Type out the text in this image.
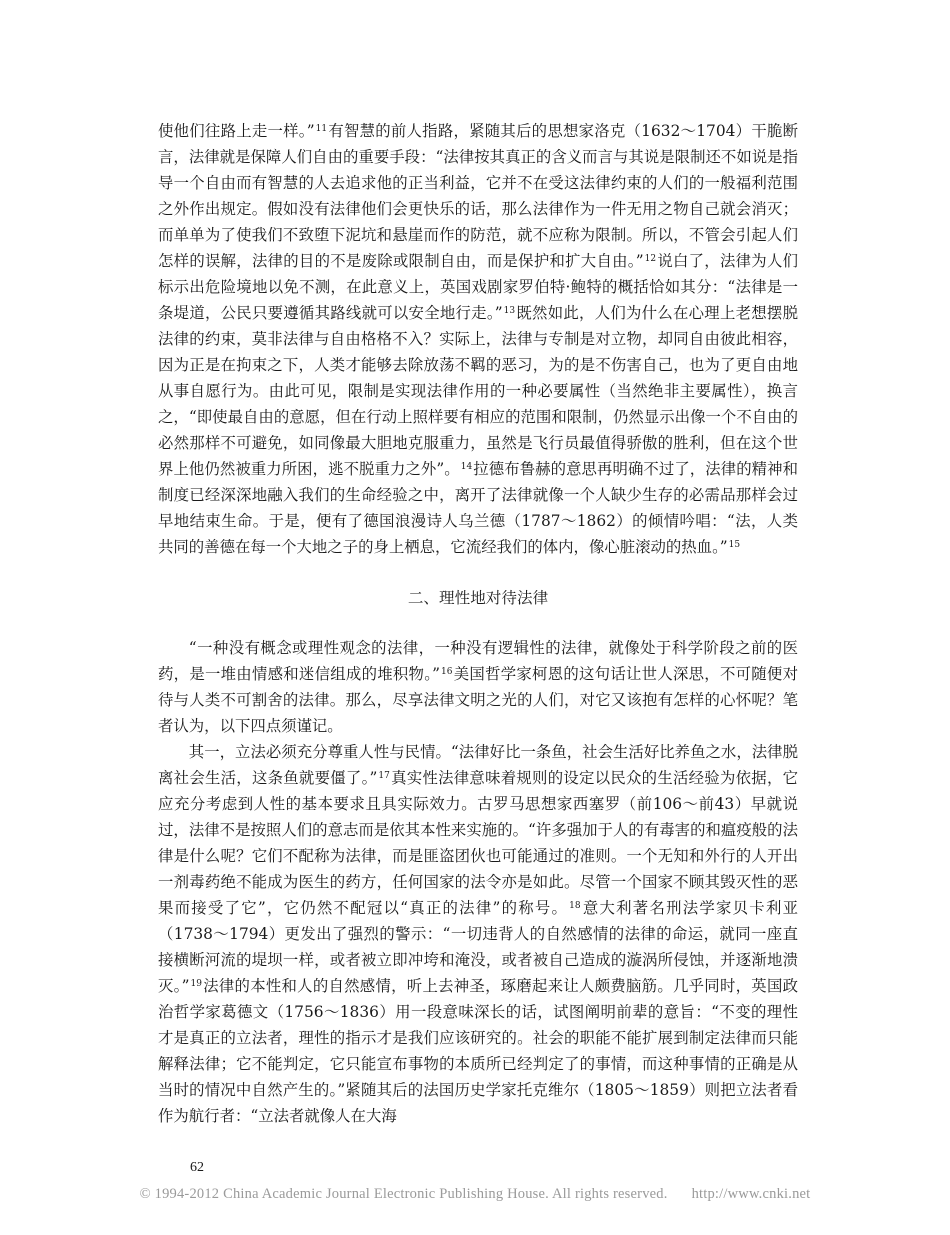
使他们往路上走一样。”$^{11}$有智慧的前人指路，紧随其后的思想家洛克（1632～1704）干脆断言，法律就是保障人们自由的重要手段：“法律按其真正的含义而言与其说是限制还不如说是指导一个自由而有智慧的人去追求他的正当利益，它并不在受这法律约束的人们的一般福利范围之外作出规定。假如没有法律他们会更快乐的话，那么法律作为一件无用之物自己就会消灭；而单单为了使我们不致堕下泥坑和悬崖而作的防范，就不应称为限制。所以，不管会引起人们怎样的误解，法律的目的不是废除或限制自由，而是保护和扩大自由。”$^{12}$说白了，法律为人们标示出危险境地以免不测，在此意义上，英国戏剧家罗伯特·鲍特的概括恰如其分：“法律是一条堤道，公民只要遵循其路线就可以安全地行走。”$^{13}$既然如此，人们为什么在心理上老想摆脱法律的约束，莫非法律与自由格格不入？实际上，法律与专制是对立物，却同自由彼此相容，因为正是在拘束之下，人类才能够去除放荡不羁的恶习，为的是不伤害自己，也为了更自由地从事自愿行为。由此可见，限制是实现法律作用的一种必要属性（当然绝非主要属性），换言之，“即使最自由的意愿，但在行动上照样要有相应的范围和限制，仍然显示出像一个不自由的必然那样不可避免，如同像最大胆地克服重力，虽然是飞行员最值得骄傲的胜利，但在这个世界上他仍然被重力所困，逃不脱重力之外”。$^{14}$拉德布鲁赫的意思再明确不过了，法律的精神和制度已经深深地融入我们的生命经验之中，离开了法律就像一个人缺少生存的必需品那样会过早地结束生命。于是，便有了德国浪漫诗人乌兰德（1787～1862）的倾情吟唱：“法，人类共同的善德在每一个大地之子的身上栖息，它流经我们的体内，像心脏滚动的热血。”$^{15}$

二、理性地对待法律

“一种没有概念或理性观念的法律，一种没有逻辑性的法律，就像处于科学阶段之前的医药，是一堆由情感和迷信组成的堆积物。”$^{16}$美国哲学家柯恩的这句话让世人深思，不可随便对待与人类不可割舍的法律。那么，尽享法律文明之光的人们，对它又该抱有怎样的心怀呢？笔者认为，以下四点须谨记。

其一，立法必须充分尊重人性与民情。“法律好比一条鱼，社会生活好比养鱼之水，法律脱离社会生活，这条鱼就要僵了。”$^{17}$真实性法律意味着规则的设定以民众的生活经验为依据，它应充分考虑到人性的基本要求且具实际效力。古罗马思想家西塞罗（前106～前43）早就说过，法律不是按照人们的意志而是依其本性来实施的。“许多强加于人的有毒害的和瘟疫般的法律是什么呢？它们不配称为法律，而是匪盗团伙也可能通过的准则。一个无知和外行的人开出一剂毒药绝不能成为医生的药方，任何国家的法令亦是如此。尽管一个国家不顾其毁灭性的恶果而接受了它”，它仍然不配冠以“真正的法律”的称号。$^{18}$意大利著名刑法学家贝卡利亚（1738～1794）更发出了强烈的警示：“一切违背人的自然感情的法律的命运，就同一座直接横断河流的堤坝一样，或者被立即冲垮和淹没，或者被自己造成的漩涡所侵蚀，并逐渐地溃灭。”$^{19}$法律的本性和人的自然感情，听上去神圣，琢磨起来让人颇费脑筋。几乎同时，英国政治哲学家葛德文（1756～1836）用一段意味深长的话，试图阐明前辈的意旨：“不变的理性才是真正的立法者，理性的指示才是我们应该研究的。社会的职能不能扩展到制定法律而只能解释法律；它不能判定，它只能宣布事物的本质所已经判定了的事情，而这种事情的正确是从当时的情况中自然产生的。”紧随其后的法国历史学家托克维尔（1805～1859）则把立法者看作为航行者：“立法者就像人在大海

62
© 1994-2012 China Academic Journal Electronic Publishing House. All rights reserved. http://www.cnki.net
